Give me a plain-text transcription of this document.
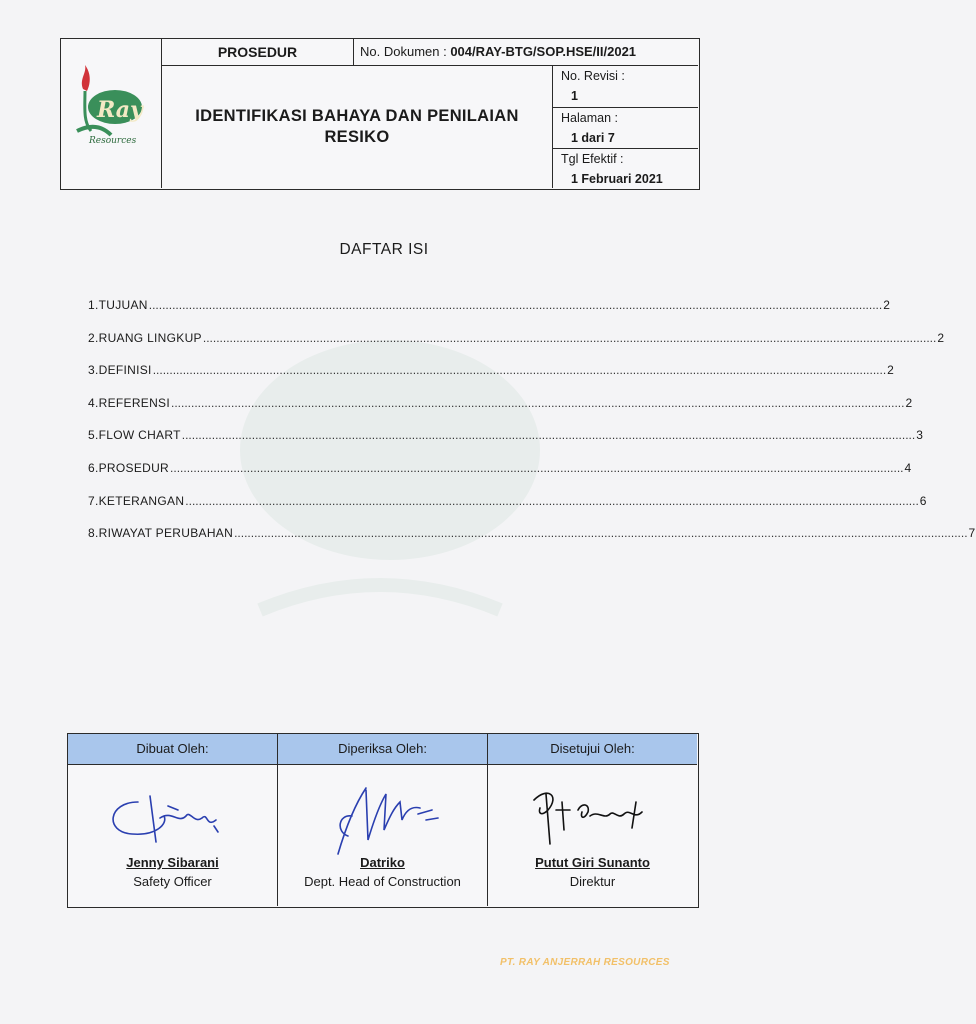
Ray
Resources
PROSEDUR	No. Dokumen : 004/RAY-BTG/SOP.HSE/II/2021
IDENTIFIKASI BAHAYA DAN PENILAIAN
RESIKO
No. Revisi :
1
Halaman :
1 dari 7
Tgl Efektif :
1 Februari 2021
DAFTAR ISI
1. TUJUAN ............................................................................................................................................................................................................................ 2
2. RUANG LINGKUP ............................................................................................................................................................................................................................ 2
3. DEFINISI ............................................................................................................................................................................................................................ 2
4. REFERENSI ............................................................................................................................................................................................................................ 2
5. FLOW CHART ............................................................................................................................................................................................................................ 3
6. PROSEDUR ............................................................................................................................................................................................................................ 4
7. KETERANGAN ............................................................................................................................................................................................................................ 6
8. RIWAYAT PERUBAHAN ............................................................................................................................................................................................................................ 7
Dibuat Oleh:
Jenny Sibarani
Safety Officer
Diperiksa Oleh:
Datriko
Dept. Head of Construction
Disetujui Oleh:
Putut Giri Sunanto
Direktur
PT. RAY ANJERRAH RESOURCES
